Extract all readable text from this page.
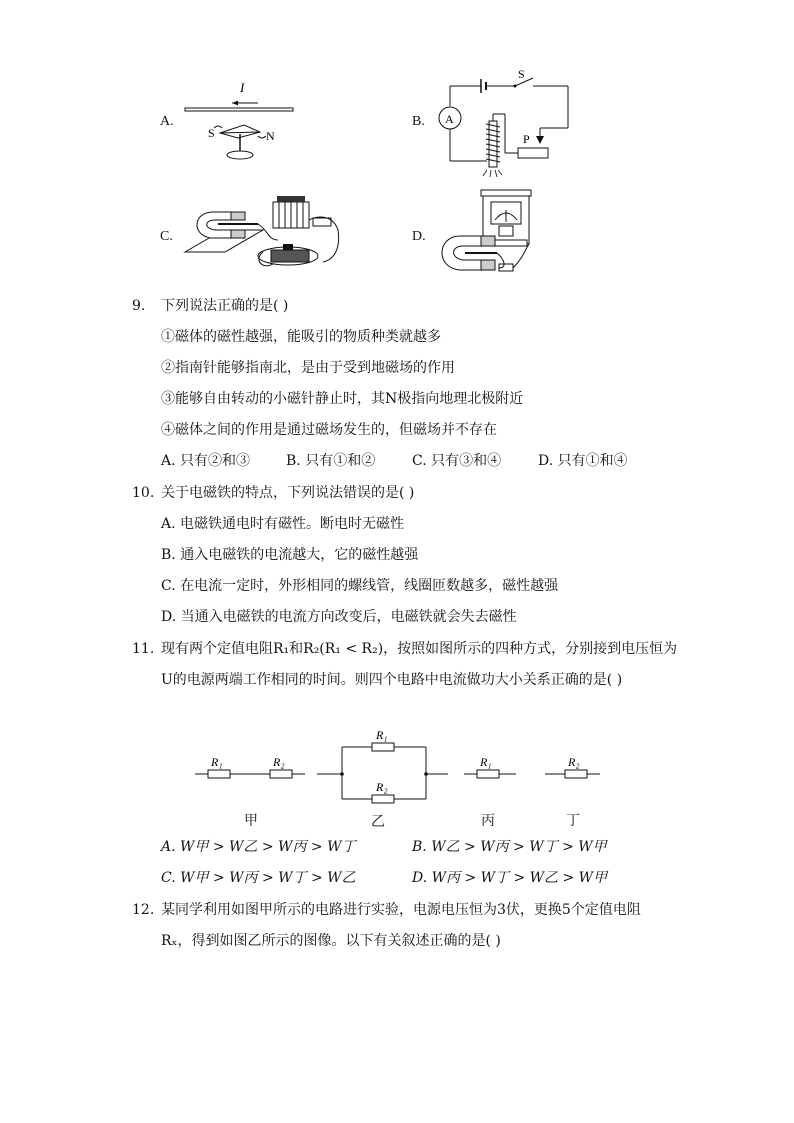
A.
I
S	N
B.
S
P
A
C.	D.
9. 下列说法正确的是( )
①磁体的磁性越强，能吸引的物质种类就越多
②指南针能够指南北，是由于受到地磁场的作用
③能够自由转动的小磁针静止时，其N极指向地理北极附近
④磁体之间的作用是通过磁场发生的，但磁场并不存在
A. 只有②和③	B. 只有①和②	C. 只有③和④	D. 只有①和④
10. 关于电磁铁的特点，下列说法错误的是( )
A. 电磁铁通电时有磁性。断电时无磁性
B. 通入电磁铁的电流越大，它的磁性越强
C. 在电流一定时，外形相同的螺线管，线圈匝数越多，磁性越强
D. 当通入电磁铁的电流方向改变后，电磁铁就会失去磁性
11. 现有两个定值电阻R₁和R₂(R₁ < R₂)，按照如图所示的四种方式，分别接到电压恒为
U的电源两端工作相同的时间。则四个电路中电流做功大小关系正确的是( )
R₁	R₂
R₁
R₂
R₁	R₂
甲	乙	丙	丁
A. W甲 > W乙 > W丙 > W丁	B. W乙 > W丙 > W丁 > W甲
C. W甲 > W丙 > W丁 > W乙	D. W丙 > W丁 > W乙 > W甲
12. 某同学利用如图甲所示的电路进行实验，电源电压恒为3伏，更换5个定值电阻
Rₓ，得到如图乙所示的图像。以下有关叙述正确的是( )
